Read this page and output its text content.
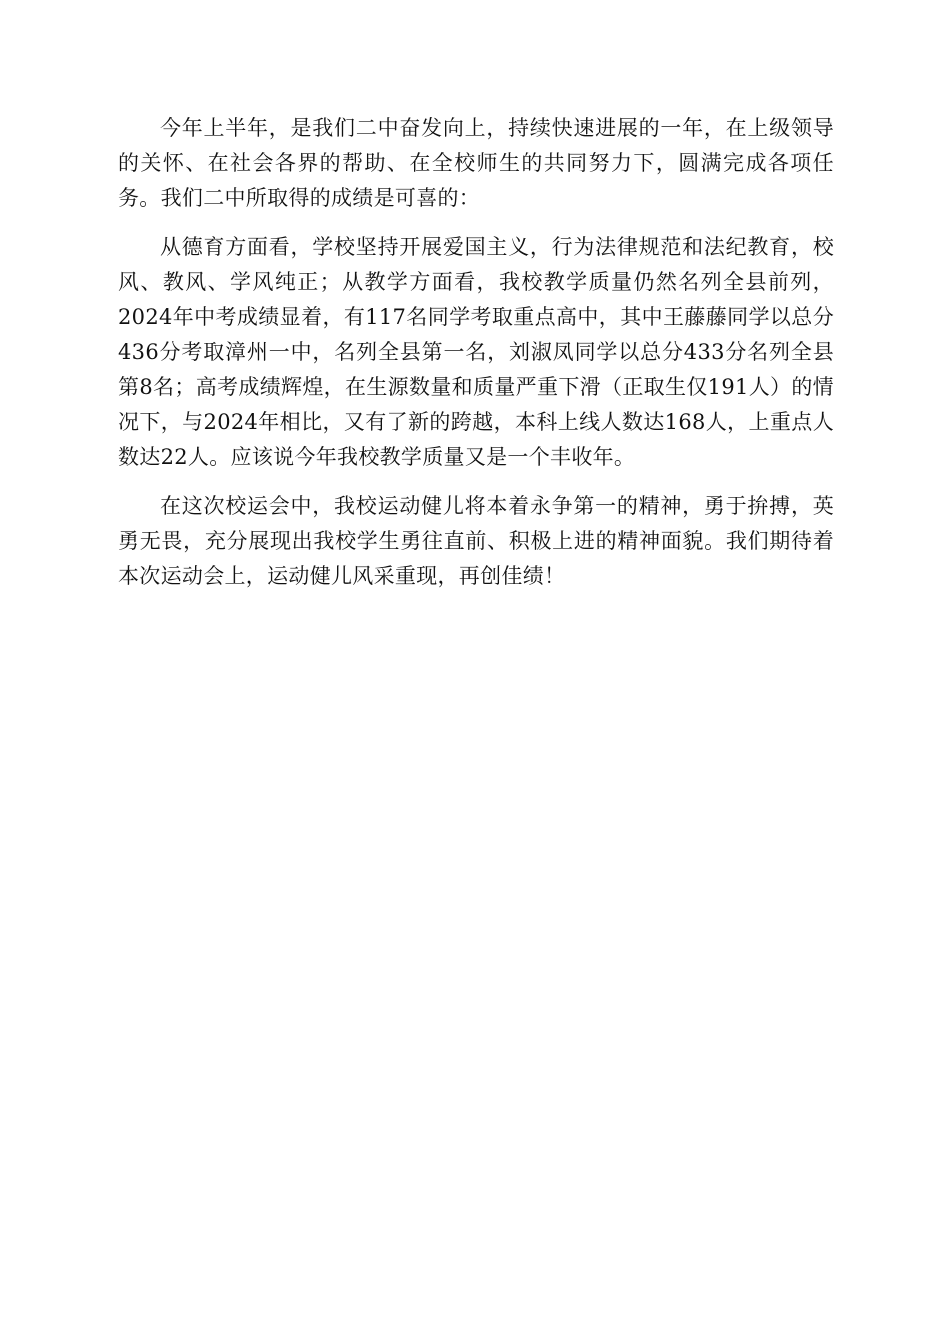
今年上半年，是我们二中奋发向上，持续快速进展的一年，在上级领导的关怀、在社会各界的帮助、在全校师生的共同努力下，圆满完成各项任务。我们二中所取得的成绩是可喜的：

从德育方面看，学校坚持开展爱国主义，行为法律规范和法纪教育，校风、教风、学风纯正；从教学方面看，我校教学质量仍然名列全县前列，2024年中考成绩显着，有117名同学考取重点高中，其中王藤藤同学以总分436分考取漳州一中，名列全县第一名，刘淑凤同学以总分433分名列全县第8名；高考成绩辉煌，在生源数量和质量严重下滑（正取生仅191人）的情况下，与2024年相比，又有了新的跨越，本科上线人数达168人，上重点人数达22人。应该说今年我校教学质量又是一个丰收年。

在这次校运会中，我校运动健儿将本着永争第一的精神，勇于拚搏，英勇无畏，充分展现出我校学生勇往直前、积极上进的精神面貌。我们期待着本次运动会上，运动健儿风采重现，再创佳绩！
